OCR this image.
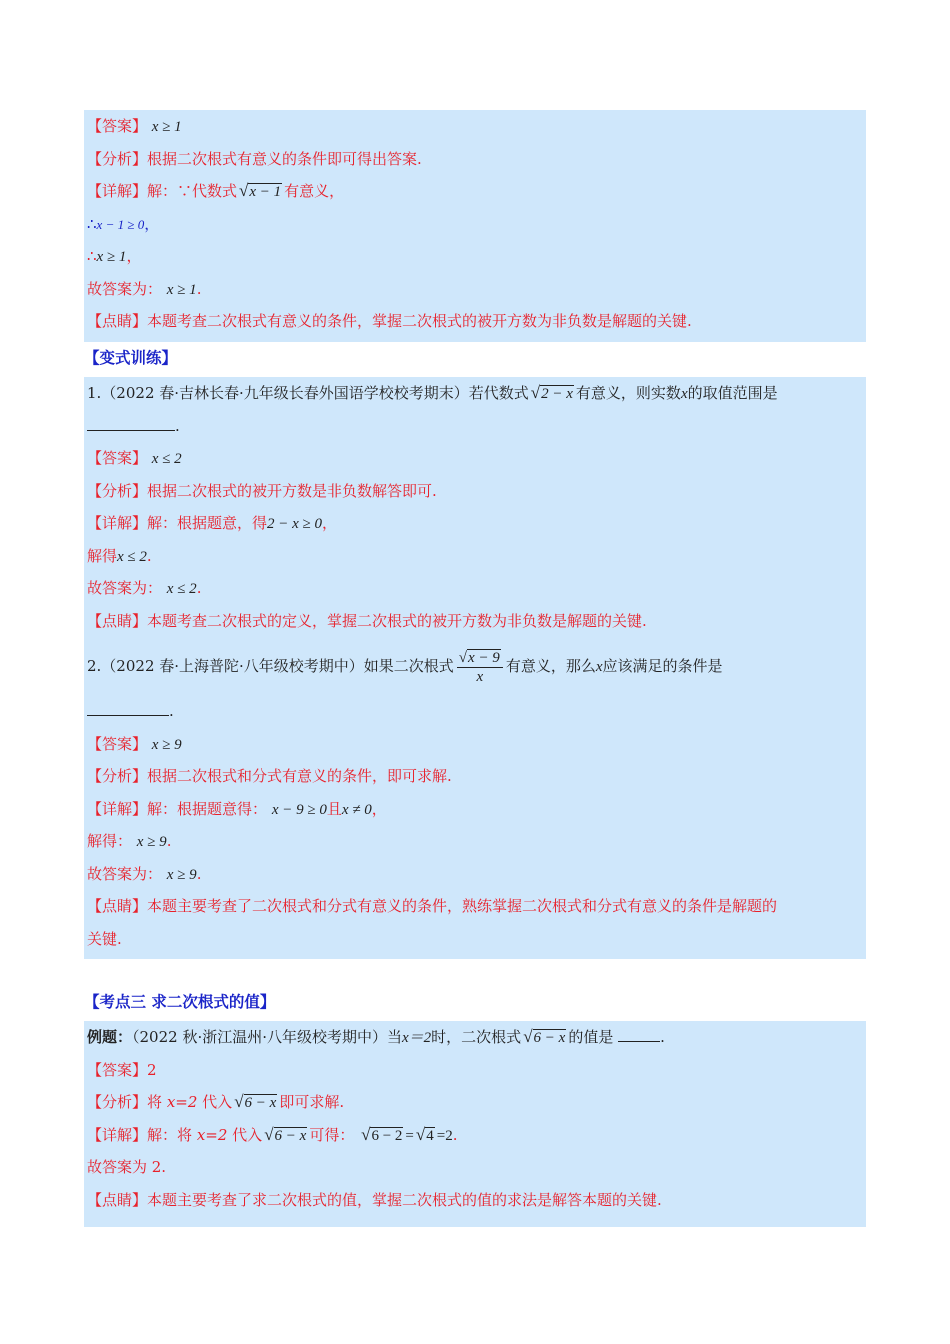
【答案】 x ≥ 1
【分析】根据二次根式有意义的条件即可得出答案.
【详解】解：∵代数式 √x − 1 有意义，
∴x − 1 ≥ 0，
∴x ≥ 1，
故答案为： x ≥ 1.
【点睛】本题考查二次根式有意义的条件，掌握二次根式的被开方数为非负数是解题的关键.
【变式训练】
1.（2022 春·吉林长春·九年级长春外国语学校校考期末）若代数式 √2 − x 有意义，则实数x的取值范围是
.
【答案】 x ≤ 2
【分析】根据二次根式的被开方数是非负数解答即可.
【详解】解：根据题意，得2 − x ≥ 0，
解得x ≤ 2.
故答案为： x ≤ 2.
【点睛】本题考查二次根式的定义，掌握二次根式的被开方数为非负数是解题的关键.
2.（2022 春·上海普陀·八年级校考期中）如果二次根式 $\frac{√x - 9}{x}$ 有意义，那么x应该满足的条件是
.
【答案】 x ≥ 9
【分析】根据二次根式和分式有意义的条件，即可求解.
【详解】解：根据题意得： x − 9 ≥ 0且x ≠ 0，
解得： x ≥ 9.
故答案为： x ≥ 9.
【点睛】本题主要考查了二次根式和分式有意义的条件，熟练掌握二次根式和分式有意义的条件是解题的
关键.
【考点三 求二次根式的值】
例题：（2022 秋·浙江温州·八年级校考期中）当x＝2时，二次根式 √6 − x 的值是	.
【答案】2
【分析】将 x=2 代入 √6 − x 即可求解.
【详解】解：将 x=2 代入 √6 − x 可得： √6 − 2 = √4 =2.
故答案为 2.
【点睛】本题主要考查了求二次根式的值，掌握二次根式的值的求法是解答本题的关键.
